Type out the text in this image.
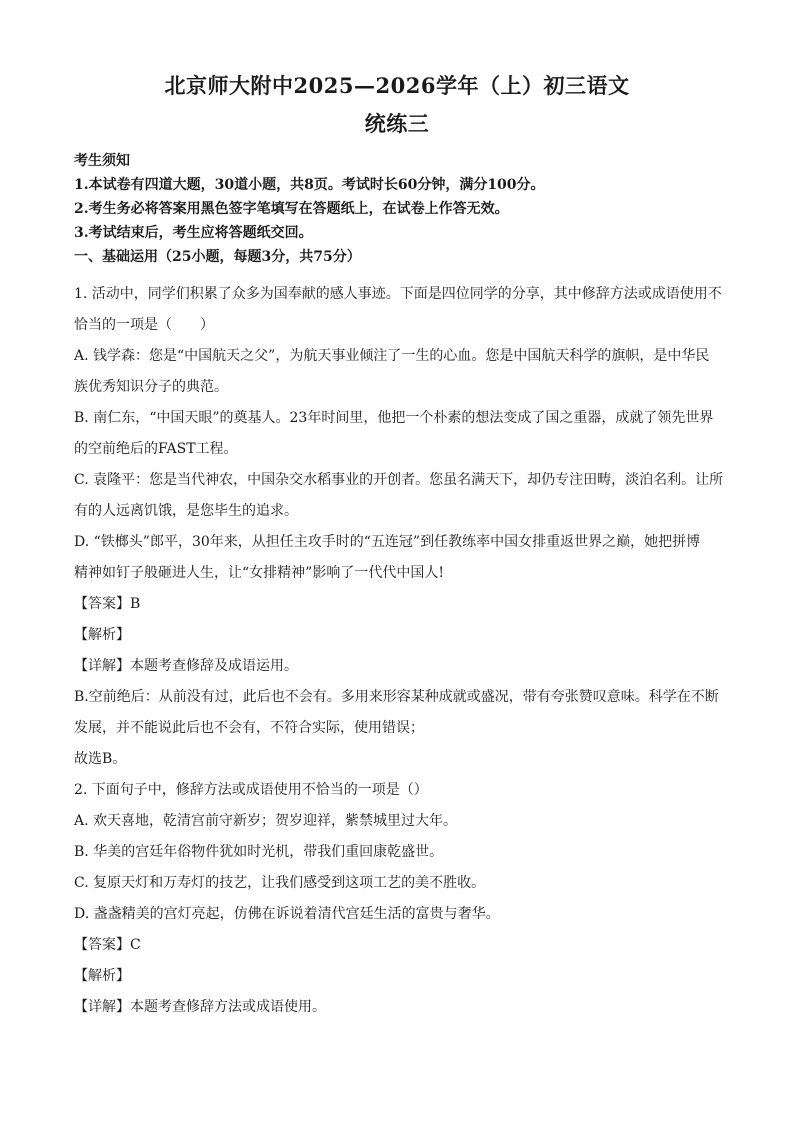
北京师大附中2025—2026学年（上）初三语文
统练三
考生须知
1.本试卷有四道大题，30道小题，共8页。考试时长60分钟，满分100分。
2.考生务必将答案用黑色签字笔填写在答题纸上，在试卷上作答无效。
3.考试结束后，考生应将答题纸交回。
一、基础运用（25小题，每题3分，共75分）
1. 活动中，同学们积累了众多为国奉献的感人事迹。下面是四位同学的分享，其中修辞方法或成语使用不
恰当的一项是（　　）
A. 钱学森：您是“中国航天之父”，为航天事业倾注了一生的心血。您是中国航天科学的旗帜，是中华民
族优秀知识分子的典范。
B. 南仁东，“中国天眼”的奠基人。23年时间里，他把一个朴素的想法变成了国之重器，成就了领先世界
的空前绝后的FAST工程。
C. 袁隆平：您是当代神农，中国杂交水稻事业的开创者。您虽名满天下，却仍专注田畴，淡泊名利。让所
有的人远离饥饿，是您毕生的追求。
D. “铁榔头”郎平，30年来，从担任主攻手时的“五连冠”到任教练率中国女排重返世界之巅，她把拼博
精神如钉子般砸进人生，让“女排精神”影响了一代代中国人!
【答案】B
【解析】
【详解】本题考查修辞及成语运用。
B.空前绝后：从前没有过，此后也不会有。多用来形容某种成就或盛况，带有夸张赞叹意味。科学在不断
发展，并不能说此后也不会有，不符合实际，使用错误；
故选B。
2. 下面句子中，修辞方法或成语使用不恰当的一项是（）
A. 欢天喜地，乾清宫前守新岁；贺岁迎祥，紫禁城里过大年。
B. 华美的宫廷年俗物件犹如时光机，带我们重回康乾盛世。
C. 复原天灯和万寿灯的技艺，让我们感受到这项工艺的美不胜收。
D. 盏盏精美的宫灯亮起，仿佛在诉说着清代宫廷生活的富贵与奢华。
【答案】C
【解析】
【详解】本题考查修辞方法或成语使用。
